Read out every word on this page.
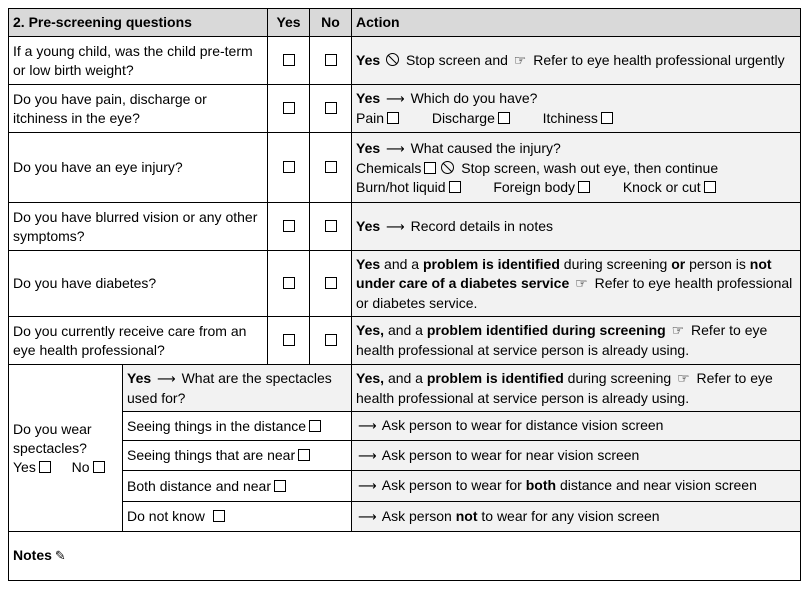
2. Pre-screening questions		Yes	No	Action
If a young child, was the child pre-term or low birth weight?				Yes Stop screen and ☞ Refer to eye health professional urgently
Do you have pain, discharge or itchiness in the eye?				Yes ⟶ Which do you have?
Pain Discharge Itchiness
Do you have an eye injury?				Yes ⟶ What caused the injury?
Chemicals Stop screen, wash out eye, then continue
Burn/hot liquid Foreign body Knock or cut
Do you have blurred vision or any other symptoms?				Yes ⟶ Record details in notes
Do you have diabetes?				Yes and a problem is identified during screening or person is not under care of a diabetes service ☞ Refer to eye health professional or diabetes service.
Do you currently receive care from an eye health professional?				Yes, and a problem identified during screening ☞ Refer to eye health professional at service person is already using.
Do you wear spectacles?
Yes No	Yes ⟶ What are the spectacles used for?			Yes, and a problem is identified during screening ☞ Refer to eye health professional at service person is already using.
	Seeing things in the distance			⟶ Ask person to wear for distance vision screen
	Seeing things that are near			⟶ Ask person to wear for near vision screen
	Both distance and near			⟶ Ask person to wear for both distance and near vision screen
	Do not know			⟶ Ask person not to wear for any vision screen
Notes ✎				
